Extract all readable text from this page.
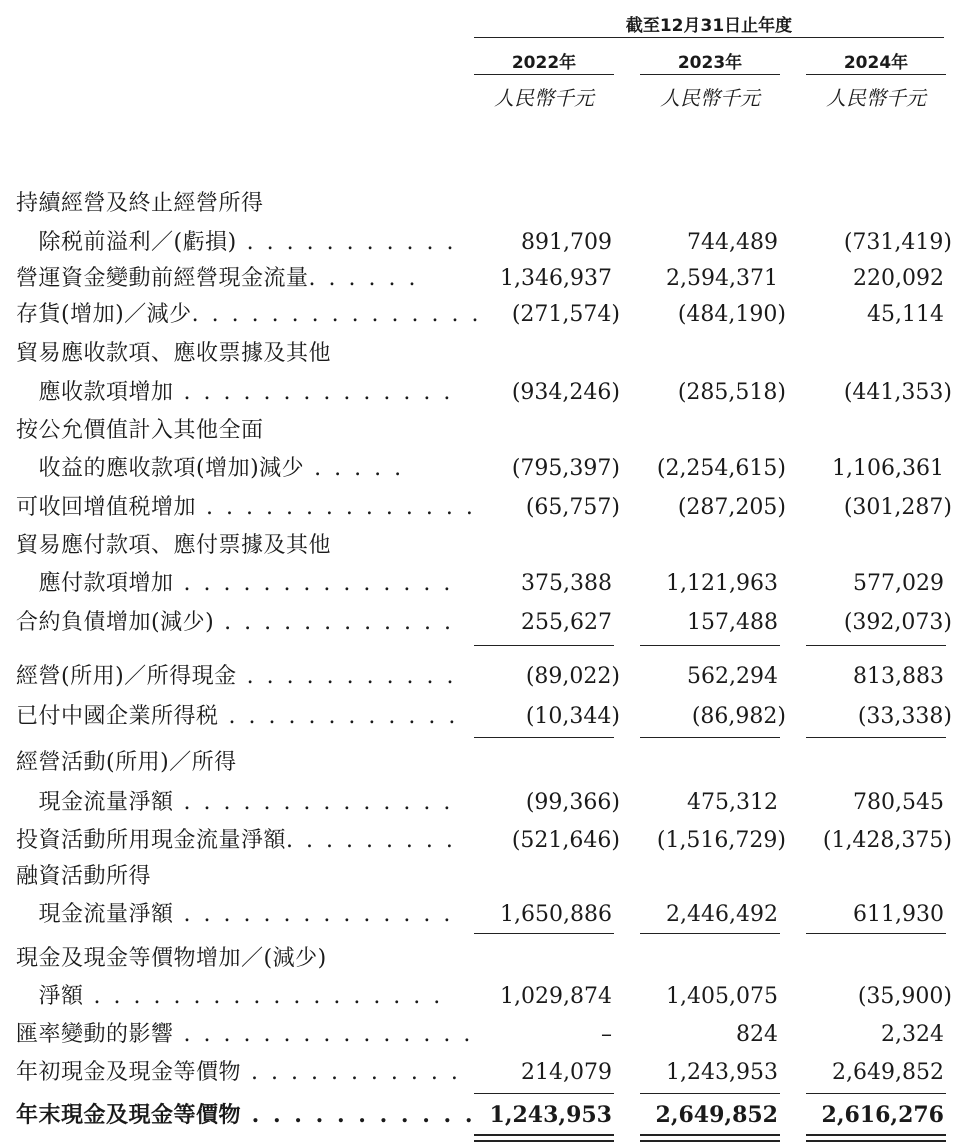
截至12月31日止年度
2022年	2023年	2024年
人民幣千元	人民幣千元	人民幣千元
持續經營及終止經營所得
　除税前溢利／(虧損) . . . . . . . . . . .	891,709	744,489	(731,419)
營運資金變動前經營現金流量. . . . . .	1,346,937	2,594,371	220,092
存貨(增加)／減少. . . . . . . . . . . . . . .	(271,574)	(484,190)	45,114
貿易應收款項、應收票據及其他
　應收款項增加 . . . . . . . . . . . . . .	(934,246)	(285,518)	(441,353)
按公允價值計入其他全面
　收益的應收款項(增加)減少 . . . . .	(795,397)	(2,254,615)	1,106,361
可收回增值税增加 . . . . . . . . . . . . . .	(65,757)	(287,205)	(301,287)
貿易應付款項、應付票據及其他
　應付款項增加 . . . . . . . . . . . . . .	375,388	1,121,963	577,029
合約負債增加(減少) . . . . . . . . . . . .	255,627	157,488	(392,073)
經營(所用)／所得現金 . . . . . . . . . . .	(89,022)	562,294	813,883
已付中國企業所得税 . . . . . . . . . . . .	(10,344)	(86,982)	(33,338)
經營活動(所用)／所得
　現金流量淨額 . . . . . . . . . . . . . .	(99,366)	475,312	780,545
投資活動所用現金流量淨額. . . . . . . . .	(521,646)	(1,516,729)	(1,428,375)
融資活動所得
　現金流量淨額 . . . . . . . . . . . . . .	1,650,886	2,446,492	611,930
現金及現金等價物增加／(減少)
　淨額 . . . . . . . . . . . . . . . . . .	1,029,874	1,405,075	(35,900)
匯率變動的影響 . . . . . . . . . . . . . . .	–	824	2,324
年初現金及現金等價物 . . . . . . . . . . .	214,079	1,243,953	2,649,852
年末現金及現金等價物 . . . . . . . . . . . 1,243,953	2,649,852	2,616,276
